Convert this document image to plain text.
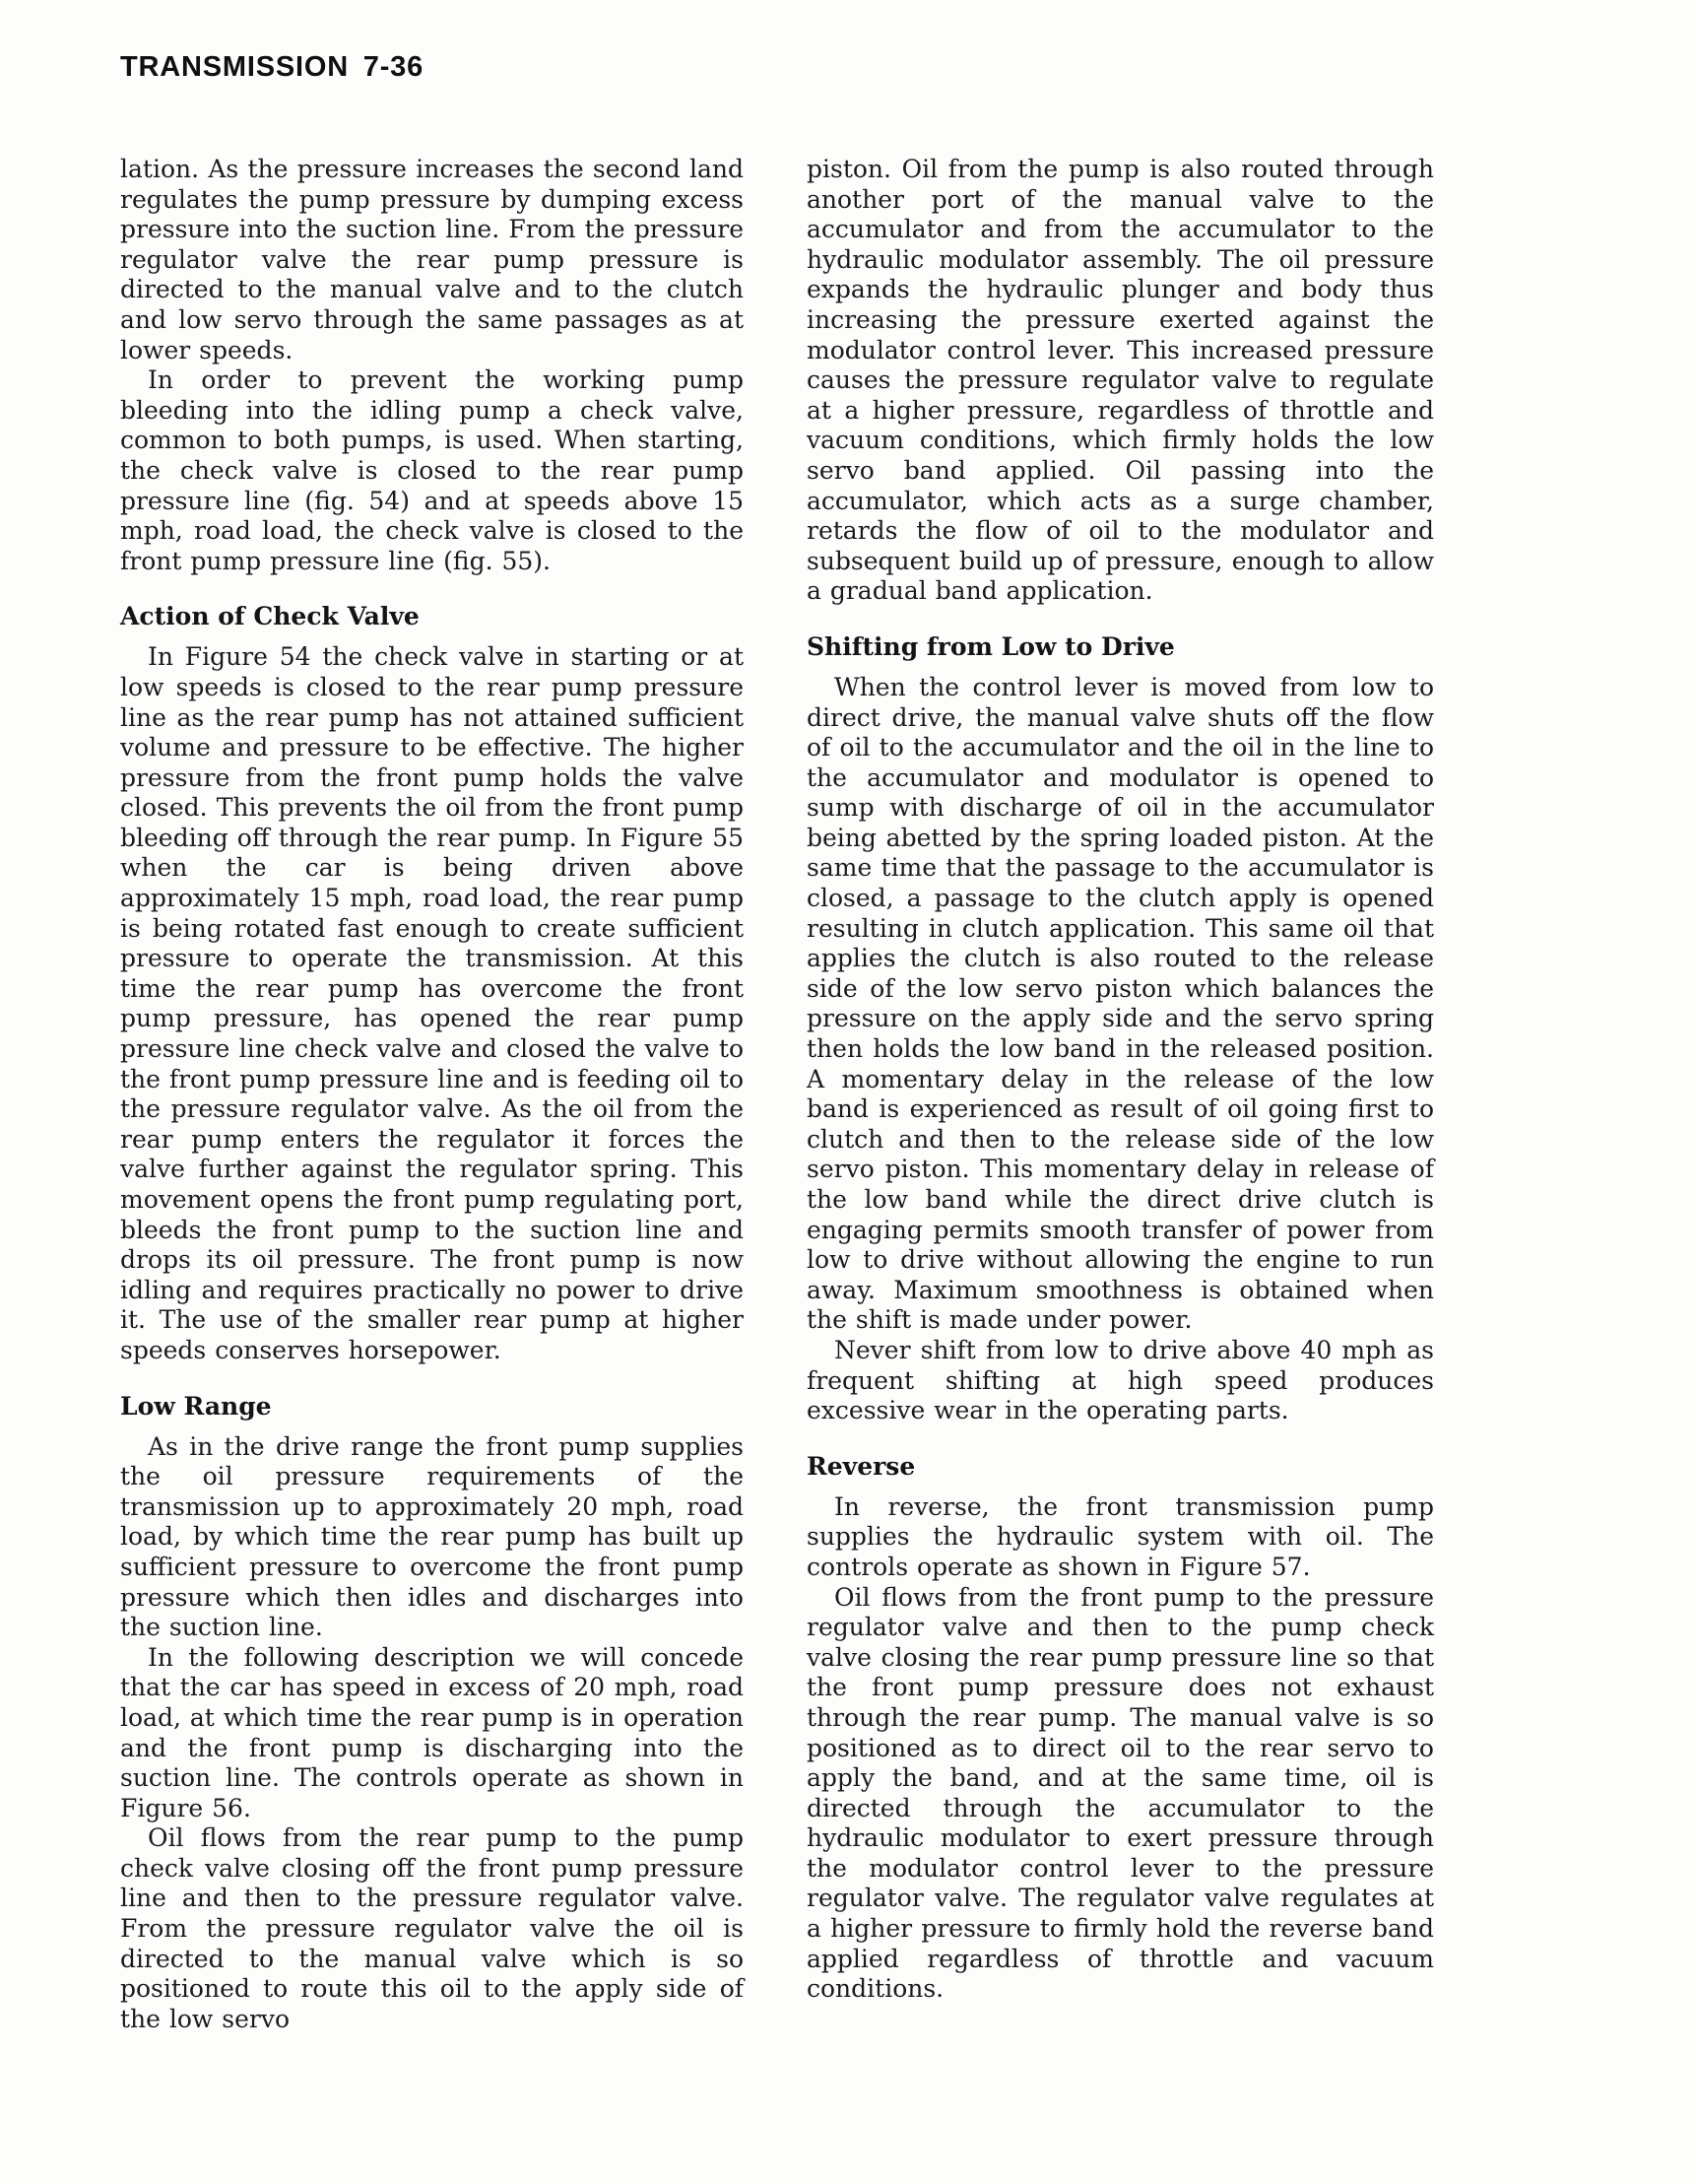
TRANSMISSION 7-36

lation. As the pressure increases the second land regulates the pump pressure by dumping excess pressure into the suction line. From the pressure regulator valve the rear pump pressure is directed to the manual valve and to the clutch and low servo through the same passages as at lower speeds.

In order to prevent the working pump bleeding into the idling pump a check valve, common to both pumps, is used. When starting, the check valve is closed to the rear pump pressure line (fig. 54) and at speeds above 15 mph, road load, the check valve is closed to the front pump pressure line (fig. 55).

Action of Check Valve

In Figure 54 the check valve in starting or at low speeds is closed to the rear pump pressure line as the rear pump has not attained sufficient volume and pressure to be effective. The higher pressure from the front pump holds the valve closed. This prevents the oil from the front pump bleeding off through the rear pump. In Figure 55 when the car is being driven above approximately 15 mph, road load, the rear pump is being rotated fast enough to create sufficient pressure to operate the transmission. At this time the rear pump has overcome the front pump pressure, has opened the rear pump pressure line check valve and closed the valve to the front pump pressure line and is feeding oil to the pressure regulator valve. As the oil from the rear pump enters the regulator it forces the valve further against the regulator spring. This movement opens the front pump regulating port, bleeds the front pump to the suction line and drops its oil pressure. The front pump is now idling and requires practically no power to drive it. The use of the smaller rear pump at higher speeds conserves horsepower.

Low Range

As in the drive range the front pump supplies the oil pressure requirements of the transmission up to approximately 20 mph, road load, by which time the rear pump has built up sufficient pressure to overcome the front pump pressure which then idles and discharges into the suction line.

In the following description we will concede that the car has speed in excess of 20 mph, road load, at which time the rear pump is in operation and the front pump is discharging into the suction line. The controls operate as shown in Figure 56.

Oil flows from the rear pump to the pump check valve closing off the front pump pressure line and then to the pressure regulator valve. From the pressure regulator valve the oil is directed to the manual valve which is so positioned to route this oil to the apply side of the low servo

piston. Oil from the pump is also routed through another port of the manual valve to the accumulator and from the accumulator to the hydraulic modulator assembly. The oil pressure expands the hydraulic plunger and body thus increasing the pressure exerted against the modulator control lever. This increased pressure causes the pressure regulator valve to regulate at a higher pressure, regardless of throttle and vacuum conditions, which firmly holds the low servo band applied. Oil passing into the accumulator, which acts as a surge chamber, retards the flow of oil to the modulator and subsequent build up of pressure, enough to allow a gradual band application.

Shifting from Low to Drive

When the control lever is moved from low to direct drive, the manual valve shuts off the flow of oil to the accumulator and the oil in the line to the accumulator and modulator is opened to sump with discharge of oil in the accumulator being abetted by the spring loaded piston. At the same time that the passage to the accumulator is closed, a passage to the clutch apply is opened resulting in clutch application. This same oil that applies the clutch is also routed to the release side of the low servo piston which balances the pressure on the apply side and the servo spring then holds the low band in the released position. A momentary delay in the release of the low band is experienced as result of oil going first to clutch and then to the release side of the low servo piston. This momentary delay in release of the low band while the direct drive clutch is engaging permits smooth transfer of power from low to drive without allowing the engine to run away. Maximum smoothness is obtained when the shift is made under power.

Never shift from low to drive above 40 mph as frequent shifting at high speed produces excessive wear in the operating parts.

Reverse

In reverse, the front transmission pump supplies the hydraulic system with oil. The controls operate as shown in Figure 57.

Oil flows from the front pump to the pressure regulator valve and then to the pump check valve closing the rear pump pressure line so that the front pump pressure does not exhaust through the rear pump. The manual valve is so positioned as to direct oil to the rear servo to apply the band, and at the same time, oil is directed through the accumulator to the hydraulic modulator to exert pressure through the modulator control lever to the pressure regulator valve. The regulator valve regulates at a higher pressure to firmly hold the reverse band applied regardless of throttle and vacuum conditions.
